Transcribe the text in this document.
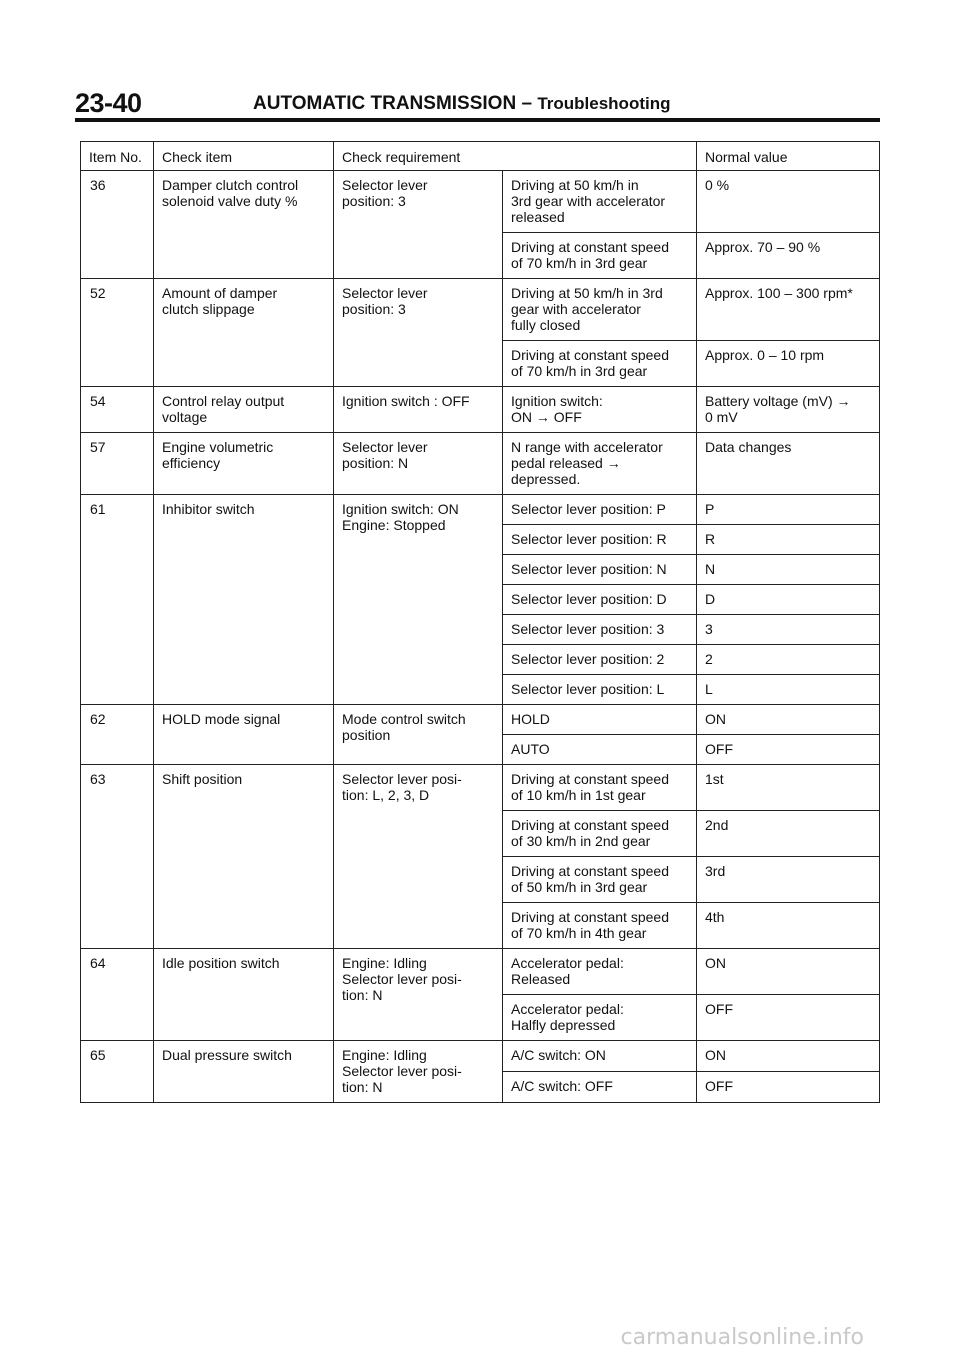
23-40	AUTOMATIC TRANSMISSION – Troubleshooting
Item No.	Check item	Check requirement		Normal value
36	Damper clutch control
solenoid valve duty %	Selector lever
position: 3	Driving at 50 km/h in
3rd gear with accelerator
released	0 %
			Driving at constant speed
of 70 km/h in 3rd gear	Approx. 70 – 90 %
52	Amount of damper
clutch slippage	Selector lever
position: 3	Driving at 50 km/h in 3rd
gear with accelerator
fully closed	Approx. 100 – 300 rpm*
			Driving at constant speed
of 70 km/h in 3rd gear	Approx. 0 – 10 rpm
54	Control relay output
voltage	Ignition switch : OFF	Ignition switch:
ON → OFF	Battery voltage (mV) →
0 mV
57	Engine volumetric
efficiency	Selector lever
position: N	N range with accelerator
pedal released →
depressed.	Data changes
61	Inhibitor switch	Ignition switch: ON
Engine: Stopped	Selector lever position: P	P
			Selector lever position: R	R
			Selector lever position: N	N
			Selector lever position: D	D
			Selector lever position: 3	3
			Selector lever position: 2	2
			Selector lever position: L	L
62	HOLD mode signal	Mode control switch
position	HOLD	ON
			AUTO	OFF
63	Shift position	Selector lever posi-
tion: L, 2, 3, D	Driving at constant speed
of 10 km/h in 1st gear	1st
			Driving at constant speed
of 30 km/h in 2nd gear	2nd
			Driving at constant speed
of 50 km/h in 3rd gear	3rd
			Driving at constant speed
of 70 km/h in 4th gear	4th
64	Idle position switch	Engine: Idling
Selector lever posi-
tion: N	Accelerator pedal:
Released	ON
			Accelerator pedal:
Halfly depressed	OFF
65	Dual pressure switch	Engine: Idling
Selector lever posi-
tion: N	A/C switch: ON	ON
			A/C switch: OFF	OFF
carmanualsonline.info
